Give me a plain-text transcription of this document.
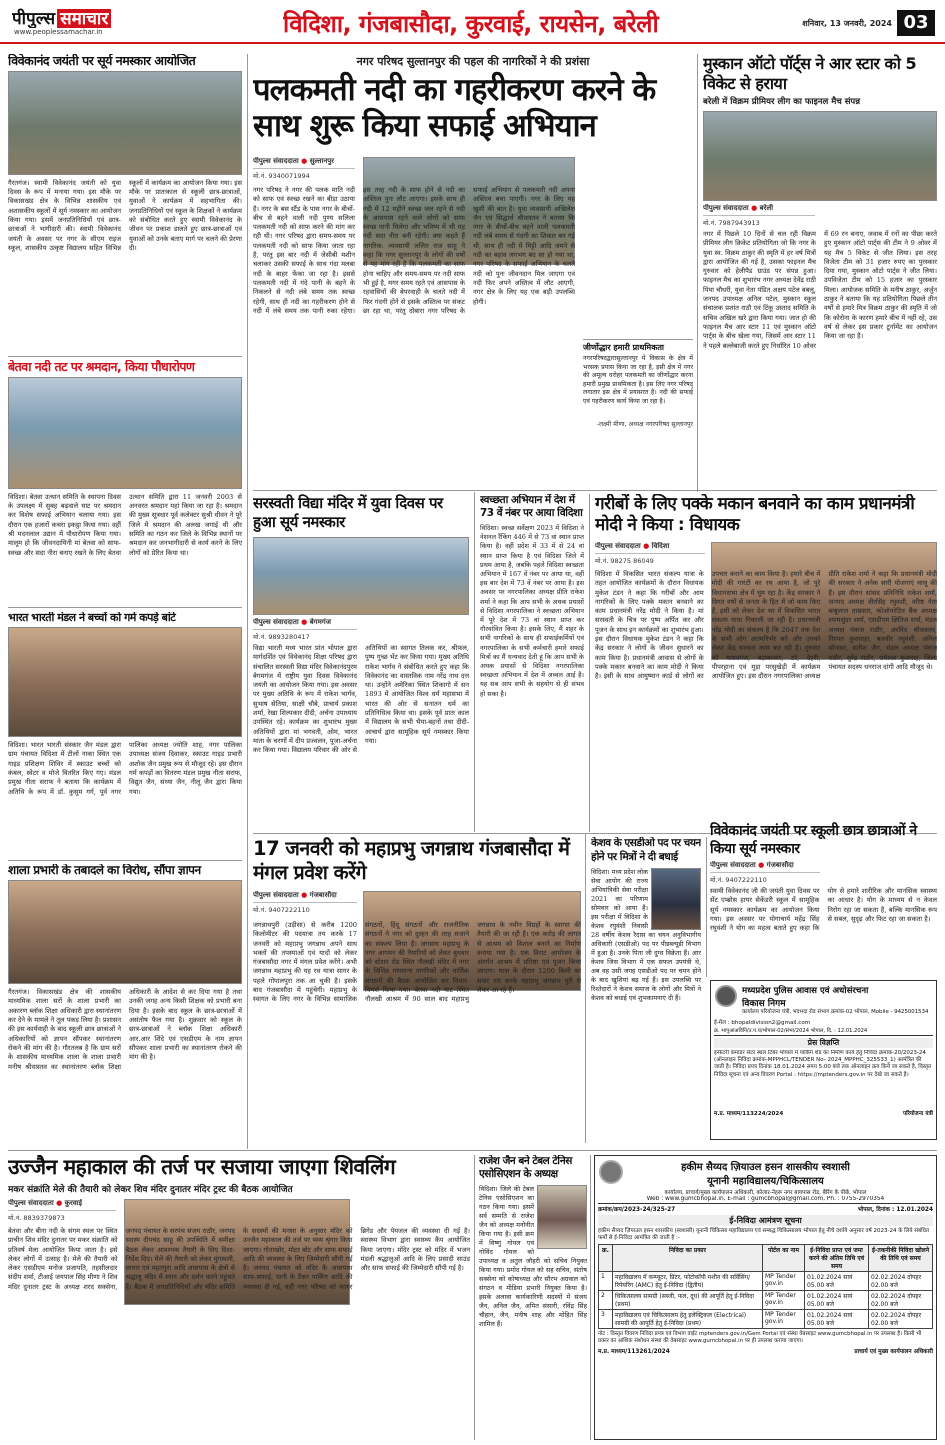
पीपुल्स समाचार
www.peoplessamachar.in	विदिशा, गंजबासौदा, कुरवाई, रायसेन, बरेली	शनिवार, 13 जनवरी, 2024 03
विवेकानंद जयंती पर सूर्य नमस्कार आयोजित
गैरतगंज। स्वामी विवेकानंद जयंती को युवा दिवस के रूप में मनाया गया। इस मौके पर विकासखंड क्षेत्र के विभिन्न शासकीय एवं अशासकीय स्कूलों में सूर्य नमस्कार का आयोजन किया गया। इसमें जनप्रतिनिधियों एवं छात्र-छात्राओं ने भागीदारी की। स्वामी विवेकानंद जयंती के अवसर पर नगर के सीएम राइज स्कूल, शासकीय उत्कृष्ट विद्यालय सहित विभिन्न स्कूलों में कार्यक्रम का आयोजन किया गया। इस मौके पर प्रातःकाल से स्कूली छात्र-छात्राओं, युवाओं ने कार्यक्रम में सहभागिता की। जनप्रतिनिधियों एवं स्कूल के शिक्षकों ने कार्यक्रम को संबोधित करते हुए स्वामी विवेकानंद के जीवन पर प्रकाश डालते हुए छात्र-छात्राओं एवं युवाओं को उनके बताए मार्ग पर चलने की प्रेरणा दी।
बेतवा नदी तट पर श्रमदान, किया पौधारोपण
विदिशा। बेतवा उत्थान समिति के स्थापना दिवस के उपलक्ष्य में सुबह बढ़वाले घाट पर श्रमदान कर विशेष सफाई अभियान चलाया गया। इस दौरान एक हजारों कचरा इकट्ठा किया गया। वहीं श्री मदनलाल उद्यान में पौधारोपण किया गया। मालूम हो कि जीवनदायिनी मां बेतवा को साफ-स्वच्छ और सदा नीरा बनाए रखने के लिए बेतवा उत्थान समिति द्वारा 11 जनवरी 2003 से अनवरत श्रमदान यहां किया जा रहा है। श्रमदान की मुख्य सूत्रधार पूर्व कलेक्टर सुश्री धीवन ने पूरे जिले में श्रमदान की अलख जगाई थी और समिति का गठन कर जिले के विभिन्न स्थानों पर श्रमदान कर जनभागीदारी से कार्य करने के लिए लोगों को प्रेरित किया था।
भारत भारती मंडल ने बच्चों को गर्म कपड़े बांटे
विदिशा। भारत भारती संस्कार जैन मंडल द्वारा ग्राम पंचायत विदिशा में टीलों नाका स्थित एक गाइड प्रशिक्षण शिविर में स्काउट बच्चों को कंबल, स्वेटर व मोजे वितरित किए गए। मंडल प्रमुख नीता सराफ ने बताया कि कार्यक्रम में अतिथि के रूप में डॉ. कुसुम गर्ग, पूर्व नगर पालिका अध्यक्ष ज्योति शाह, नगर पालिका उपाध्यक्ष संजय दिवाकर, स्काउट गाइड प्रभारी अशोक जैन प्रमुख रूप से मौजूद रहे। इस दौरान गर्म कपड़ों का वितरण मंडल प्रमुख नीता सराफ, विद्युत जैन, संध्या जैन, नीलू जैन द्वारा किया गया।
शाला प्रभारी के तबादले का विरोध, सौंपा ज्ञापन
गैरतगंज। विकासखंड क्षेत्र की शासकीय माध्यमिक शाला सरों के शाला प्रभारी का अकारण ब्लॉक शिक्षा अधिकारी द्वारा स्थानांतरण कर देने के मामले ने तूल पकड़ लिया है। प्रशासन की इस कार्यवाही के बाद स्कूली छात्र छात्राओं ने अधिकारियों को ज्ञापन सौंपकर स्थानांतरण रोकने की मांग की है। गौरतलब है कि ग्राम सरों के शासकीय माध्यमिक शाला के शाला प्रभारी मनीष श्रीवास्तव का स्थानांतरण ब्लॉक शिक्षा अधिकारी के आदेश से कर दिया गया है तथा उनकी जगह अन्य किसी शिक्षक को प्रभारी बना दिया है। इसके बाद स्कूल के छात्र-छात्राओं में असंतोष फैल गया है। शुक्रवार को स्कूल के छात्र-छात्राओं ने ब्लॉक शिक्षा अधिकारी आर.आर शिंदे एवं एसडीएम के नाम ज्ञापन सौंपकर शाला प्रभारी का स्थानांतरण रोकने की मांग की है।
नगर परिषद सुल्तानपुर की पहल की नागरिकों ने की प्रशंसा
पलकमती नदी का गहरीकरण करने के साथ शुरू किया सफाई अभियान
पीपुल्स संवाददाता ● सुल्तानपुर
मो.नं. 9340071994
नगर परिषद ने नगर की पलक माति नदी को साफ एवं स्वच्छ रखने का बीड़ा उठाया है। नगर के बस स्टैंड के पास नगर के बीचों-बीच से बहने वाली नदी पुण्य सलिला पलकमती नदी को साफ करने की मांग कर रही थी। नगर परिषद द्वारा समय-समय पर पलकमती नदी को साफ किया जाता रहा है, परंतु इस बार नदी में जेसीबी मशीन चलाकर उसकी सफाई के साथ गंदा मलबा नदी के बाहर फेंका जा रहा है। इससे पलकमती नदी में गंदे पानी के बहने के निकलने से नदी लंबे समय तक स्वच्छ रहेगी, साथ ही नदी का गहरीकरण होने से नदी में लंबे समय तक पानी रुका रहेगा। इस तरह नदी के साफ होने से नदी का अस्तित्व पुनः लौट आएगा। इसके साथ ही नदी में 12 महीने स्वच्छ जल रहने से नदी के आसपास रहने वाले लोगों को साफ स्वच्छ पानी मिलेगा और भविष्य में भी यह नदी सदा नीरा बनी रहेगी। क्या कहते हैं नागरिक: व्यवसायी ललित राज साहू ने कहा कि नगर सुल्तानपुर के लोगों की वर्षों से यह मांग रही है कि पलकमती का साफ होना चाहिए और समय-समय पर नदी साफ भी हुई है, मगर समय रहते एवं आसपास के रहवासियों की बेपरवाही के चलते नदी में फिर गंदगी होने से इसके अस्तित्व पर संकट छा रहा था, परंतु दोबारा नगर परिषद के सफाई अभियान से पलकमती नदी अपना अस्तित्व बचा पाएगी। नगर के लिए यह खुशी की बात है। युवा व्यवसायी अखिलेश जैन एवं सिद्धार्थ श्रीवास्तव ने बताया कि नगर के बीचों-बीच बहने वाली पलकमती नदी लंबे समय से गंदगी का शिकार बन गई थी, साथ ही नदी में मिट्टी आदि जमने से नदी का बहाव लगभग बंद सा हो गया था, नगर परिषद के सफाई अभियान के चलते नदी को पुनः जीवनदान मिल जाएगा एवं नदी फिर अपने अस्तित्व में लौट आएगी, नगर क्षेत्र के लिए यह एक बड़ी उपलब्धि होगी।
जीर्णोद्धार हमारी प्राथमिकता
नगरपरिषदद्वारासुल्तानपुर में विकास के क्षेत्र में भरसक प्रयास किया जा रहा है, इसी क्षेत्र में नगर की अमूल्य धरोहर पलकमती का जीर्णोद्धार करना हमारी प्रमुख प्राथमिकता है। इस लिए नगर परिषद् लगातार इस क्षेत्र में प्रयासरत है। नदी की सफाई एवं गहरीकरण कार्य किया जा रहा है।
-लक्ष्मी मीणा, अध्यक्ष नगरपरिषद सुल्तानपुर
मुस्कान ऑटो पॉर्ट्स ने आर स्टार को 5 विकेट से हराया
बरेली में विक्रम प्रीमियर लीग का फाइनल मैच संपन्न
पीपुल्स संवाददाता ● बरेली
मो.नं. 7987943913
नगर में पिछले 10 दिनों से चल रही विक्रम प्रीमियर लीग क्रिकेट प्रतियोगिता जो कि नगर के युवा स्व. विक्रम ठाकुर की स्मृति में हर वर्ष मित्रों द्वारा आयोजित की गई है, उसका फाइनल मैच गुरुवार को हेलीपैड ग्राउंड पर संपन्न हुआ। फाइनल मैच का शुभारंभ नगर अध्यक्ष देवेंद्र राठी पिया चौधरी, युवा नेता पंडित अक्षय पटेल बबलू, जनपद उपाध्यक्ष अनिल पटेल, मुस्कान स्कूल संचालक प्रशांत राठौ एवं टिंकू उस्ताद समिति के सचिव अखिल खरे द्वारा किया गया। जात हो की फाइनल मैच आर स्टार 11 एवं मुस्कान ऑटो पार्ट्स के बीच खेला गया, जिसमें आर स्टार 11 ने पहले बल्लेबाजी करते हुए निर्धारित 10 ओवर में 69 रन बनाए, जवाब में रनों का पीछा करते हुए मुस्कान ऑटो पार्ट्स की टीम ने 9 ओवर में यह मैच 5 विकेट से जीत लिया। इस तरह विजेता टीम को 31 हजार रुपए का पुरस्कार दिया गया, मुस्कान ऑटो पार्ट्स ने जीत लिया। उपविजेता टीम को 15 हजार का पुरस्कार मिला। आयोजक समिति के मनीष ठाकुर, अर्जुन ठाकुर ने बताया कि यह प्रतियोगिता पिछले तीन वर्षों से हमारे मित्र विक्रम ठाकुर की स्मृति में जो कि कोरोना के कारण हमारे बीच में नहीं रहे, उस वर्ष से लेकर इस प्रकार टूर्नामेंट का आयोजन किया जा रहा है।
सरस्वती विद्या मंदिर में युवा दिवस पर हुआ सूर्य नमस्कार
पीपुल्स संवाददाता ● बेगमगंज
मो.नं. 9893280417
विद्या भारती मध्य भारत प्रांत भोपाल द्वारा मार्गदर्शित एवं विवेकानंद शिक्षा परिषद द्वारा संचालित सरस्वती विद्या मंदिर विवेकानंदपुरम बेगमगंज में राष्ट्रीय युवा दिवस विवेकानंद जयंती का आयोजन किया गया। इस अवसर पर मुख्य अतिथि के रूप में राकेश भार्गव, सुभाष सेतिया, साक्षी चौबे, प्राचार्य प्रकाश शर्मा, रेखा शिल्पकार दीदी, अर्चना उपाध्याय उपस्थित रहे। कार्यक्रम का शुभारंभ मुख्य अतिथियों द्वारा मां भगवती, ओम, भारत माता के चरणों में दीप प्रज्वलन, पूजा-अर्चना कर किया गया। विद्यालय परिवार की ओर से अतिथियों का स्वागत तिलक कर, श्रीफल, पुष्प गुच्छ भेंट कर किया गया। मुख्य अतिथि राकेश भार्गव ने संबोधित करते हुए कहा कि विवेकानंद का वास्तविक नाम नरेंद्र नाथ दत्त था। उन्होंने अमेरिका स्थित शिकागो में सन 1893 में आयोजित विश्व धर्म महासभा में भारत की ओर से सनातन धर्म का प्रतिनिधित्व किया था। इसके पूर्व प्रातः काल में विद्यालय के सभी भैया-बहनों तथा दीदी-आचार्य द्वारा सामूहिक सूर्य नमस्कार किया गया।
स्वच्छता अभियान में देश में 73 वें नंबर पर आया विदिशा
विदिशा। स्वच्छ सर्वेक्षण 2023 में विदिशा ने नेशनल रैंकिंग 446 में से 73 वां स्थान प्राप्त किया है। वहीं प्रदेश में 33 में से 24 वां स्थान प्राप्त किया है एवं विदिशा जिले में प्रथम आया है, जबकि पहले विदिशा स्वच्छता अभियान में 167 वें नंबर पर आया था, वहीं इस बार देश में 73 वें नंबर पर आया है। इस अवसर पर नगरपालिका अध्यक्ष प्रीति राकेश शर्मा ने कहा कि आप सभी के अथक प्रयासों से विदिशा नगरपालिका ने स्वच्छता अभियान में पूरे देश में 73 वां स्थान प्राप्त कर गौरवांवित किया है। इसके लिए, मैं शहर के सभी नागरिकों के साथ ही सफाईकर्मियों एवं नगरपालिका के सभी कर्मचारी हमारे सफाई मित्रों का मैं धन्यवाद देती हूं कि आप सभी के अथक प्रयासों से विदिशा नगरपालिका स्वच्छता अभियान में देश में अव्वल आई है। यह सब आप सभी के सहयोग से ही संभव हो सका है।
गरीबों के लिए पक्के मकान बनवाने का काम प्रधानमंत्री मोदी ने किया : विधायक
पीपुल्स संवाददाता ● विदिशा
मो.नं. 98275 86049
विदिशा में विकसित भारत संकल्प यात्रा के तहत आयोजित कार्यक्रमों के दौरान विधायक मुकेश टंडन ने कहा कि गरीबों और आम नागरिकों के लिए पक्के मकान बनवाने का काम प्रधानमंत्री नरेंद्र मोदी ने किया है। मां सरस्वती के चित्र पर पुष्प अर्पित कर और पूजन के साथ इन कार्यक्रमों का शुभारंभ हुआ। इस दौरान विधायक मुकेश टंडन ने कहा कि केंद्र सरकार ने लोगों के जीवन सुधारने का काम किया है। प्रधानमंत्री आवास से लोगों के पक्के मकान बनवाने का काम मोदी ने किया है। इसी के साथ आयुष्मान कार्ड से लोगों का उपचार कराने का काम किया है। हमारे बीच में मोदी की गारंटी का रथ आया है, जो पूरे विधानसभा क्षेत्र में घूम रहा है। केंद्र सरकार ने विगत वर्षों से जनता के हित में जो काम किए हैं, इसी को लेकर देश भर में विकसित भारत संकल्प यात्रा निकाली जा रही है। प्रधानमंत्री नरेंद्र मोदी का संकल्प है कि 2047 तक देश के सभी लोग आत्मनिर्भर बने और उनको लेकर केंद्र सरकार काम कर रही है। गुरुवार को माधवगंज, बड़ाबाजार, टर्र, देहरी, पीपरहाना एवं मुड़ा परसुखेड़ी में कार्यक्रम आयोजित हुए। इस दौरान नगरपालिका अध्यक्ष प्रीति राकेश शर्मा ने कहा कि प्रधानमंत्री मोदी की सरकार ने अनेक सारी योजनाएं चालू की हैं। इस दौरान सांसद प्रतिनिधि राकेश शर्मा, जनपद अध्यक्ष वीरसिंह रघुवंशी, वरिष्ठ नेता बाबूलाल ताम्रकार, कोऑपरेटिव बैंक अध्यक्ष श्यामसुंदर शर्मा, एसडीएम क्षितिज शर्मा, मंडल अध्यक्ष पंकज राठौर, अरविंद श्रीवास्तव, निरपत कुशवाहा, बलवीर रघुवंशी, अनिल सोनकर, सतीश जैन, मंडल अध्यक्ष पंकज राठौर, सुरेंद्र राठौर, रामेश्वर कुशवाह, जिला पंचायत सदस्य धनराज दांगी आदि मौजूद थे।
17 जनवरी को महाप्रभु जगन्नाथ गंजबासौदा में मंगल प्रवेश करेंगे
पीपुल्स संवाददाता ● गंजबासौदा
मो.नं. 9407222110
जगन्नाथपुरी (उड़ीसा) से करीब 1200 किलोमीटर की पदयात्रा तय करके 17 जनवरी को महाप्रभु जगन्नाथ अपने साथ भक्तों की तपस्याओं एवं यादों को लेकर गंजबासौदा नगर में मंगल प्रवेश करेंगे। अभी जगन्नाथ महाप्रभु की यह रथ यात्रा सागर के पहले गोपालपुरा तक आ चुकी है। इसके बाद गंजबासौदा में पहुंचेगी। महाप्रभु के स्वागत के लिए नगर के विभिन्न सामाजिक संगठनों, हिंदू संगठनों और राजनीतिक संगठनों ने नगर को दुल्हन की तरह सजाने का संकल्प लिया है। जगन्नाथ महाप्रभु के नगर आगमन की तैयारियों को लेकर बुधवार को स्टेशन रोड स्थित नौलखी मंदिर में नगर के विभिन्न गणमान्य नागरिकों और धार्मिक संगठनों की बैठक आयोजित कर विचार-विमर्श किया गया। बेतवा नदी घाट स्थित नौलखी आश्रम में 90 साल बाद महाप्रभु जगन्नाथ के नवीन विग्रहों के स्वागत की तैयारी की जा रही है। एक करोड़ की लागत से आश्रम को विशाल बनाने का निर्माण कराया गया है। एक विराट आयोजन के अंतर्गत आश्रम में प्रतिष्ठा एवं पूजन किया जाएगा। यात्रा के दौरान 1200 किमी का सफर तय करके महाप्रभु जगन्नाथ पुरी से लेकर आ रहे हैं।
केशव के एसडीओ पद पर चयन होने पर मित्रों ने दी बधाई
विदिशा। मध्य प्रदेश लोक सेवा आयोग की राज्य अभियांत्रिकी सेवा परीक्षा 2021 का परिणाम सोमवार को आया है। इस परीक्षा में विदिशा के केशव रघुवंशी निवासी 28 वर्षीय केशव रैदास का चयन अनुविभागीय अधिकारी (एसडीओ) पद पर पीडब्ल्यूडी विभाग में हुआ है। उनके पिता जी दुग्ध विक्रेता हैं। आर केशव जिस विभाग में एक सफल उपयंत्री थे, अब वह उसी जगह एसडीओ पद पर चयन होने के बाद खुशियां बढ़ गई हैं। इस उपलब्धि पर रिश्तेदारों ने केशव समाज के लोगों और मित्रों ने केशव को बधाई एवं शुभकामनाएं दी हैं।
विवेकानंद जयंती पर स्कूली छात्र छात्राओं ने किया सूर्य नमस्कार
पीपुल्स संवाददाता ● गंजबासौदा
मो.नं. 9407222110
स्वामी विवेकानंद जी की जयंती युवा दिवस पर सेंट एम्ब्रोस हायर सेकेंडरी स्कूल में सामूहिक सूर्य नमस्कार कार्यक्रम का आयोजन किया गया। इस अवसर पर योगाचार्य महेंद्र सिंह रघुवंशी ने योग का महत्व बताते हुए कहा कि योग से हमारे शारीरिक और मानसिक स्वास्थ्य का आधार है। योग के माध्यम से न केवल निरोग रहा जा सकता है, बल्कि मानसिक रूप से सबल, सुदृढ़ और फिट रहा जा सकता है।
मध्यप्रदेश पुलिस आवास एवं अधोसंरचना
विकास निगम
कार्यालय परियोजना यंत्री, भदभदा रोड संभाग क्रमांक-02 भोपाल, Mobile - 9425001534
ई-मेल : bhopaldivision2@gmail.com
क्र. भापुआअविनि/उ.प.यं/भोपाल-02/संभा/2024 भोपाल, दि. : 12.01.2024
प्रेस विज्ञप्ति
इन्फैंटरी कमांडर सेंटर स्थल टिंबर भोपाल में पार्किंग शेड का निर्माण कार्य हेतु निविदा क्रमांक-20/2023-24 (ऑनलाइन निविदा क्रमांक-MPPHCL/TENDER No- 2024_MPPHC_325533_1) आमंत्रित की जाती है। निविदा प्रपत्र दिनांक 18.01.2024 समय 5.00 बजे तक ऑनलाइन क्रय किये जा सकते है, विस्तृत निविदा सूचना एवं अन्य विवरण Portal : https://mptenders.gov.in पर देखे जा सकते है।
म.प्र. माध्यम/113224/2024	परियोजना यंत्री
उज्जैन महाकाल की तर्ज पर सजाया जाएगा शिवलिंग
मकर संक्रांति मेले की तैयारी को लेकर शिव मंदिर दुनातर मंदिर ट्रस्ट की बैठक आयोजित
पीपुल्स संवाददाता ● कुरवाई
मो.नं. 8839379873
बेतवा और बीना नदी के संगम स्थल पर स्थित प्राचीन शिव मंदिर दुनातर पर मकर संक्रांति को प्रतिवर्ष मेला आयोजित किया जाता है। इसे लेकर लोगों में उत्साह है। मेले की तैयारी को लेकर एसडीएम मनोज प्रजापति, तहसीलदार संदीप शर्मा, टीआई जयपाल सिंह मीणा ने शिव मंदिर दुनातर ट्रस्ट के अध्यक्ष शरद सक्सेना, जनपद पंचायत के सरपंच संजय राठौर, जनपद सदस्य दीपचंद साहू की उपस्थिति में समीक्षा बैठक लेकर आवश्यक तैयारी के लिए दिशा-निर्देश दिए। मेले की तैयारी को लेकर मुंगावली, लायरा एवं महतपुरा आदि आसपास के क्षेत्रों से श्रद्धालु मंदिर में स्नान और दर्शन करने पहुंचते हैं। बैठक में जनप्रतिनिधियों और मंदिर समिति के सदस्यों की मनसा के अनुसार मंदिर को उज्जैन महाकाल की तर्ज पर भव्य श्रृंगार किया जाएगा। गोताखोर, मोटर बोट और साफ सफाई आदि की व्यवस्था के लिए जिम्मेदारी सौंपी गई है। जनपद पंचायत को मंदिर के आसपास साफ-सफाई, पानी के टैंकर पार्किंग आदि की व्यवस्था दी गई, वहीं नगर परिषद को फायर ब्रिगेड और पेयजल की व्यवस्था दी गई है। स्वास्थ्य विभाग द्वारा स्वास्थ्य कैंप आयोजित किया जाएगा। मंदिर ट्रस्ट को मंदिर में भजन मंडली श्रद्धालुओं आदि के लिए प्रसादी साउंड और साफ सफाई की जिम्मेदारी सौंपी गई है।
राजेश जैन बने टेबल टेनिस एसोसिएशन के अध्यक्ष
विदिशा। जिले की टेबल टेनिस एसोसिएशन का गठन किया गया। इसमें सर्व सम्मति से राजेश जैन को अध्यक्ष मनोनीत किया गया है। इसी क्रम में विष्णु गोयल एवं गोविंद गोयल को उपाध्यक्ष व अतुल जौहरी को सचिव नियुक्त किया गया। प्रमोद गोयल को सह सचिव, संतोष सक्सेना को कोषाध्यक्ष और सौरभ अग्रवाल को संगठन व मीडिया प्रभारी नियुक्त किया है। इसके अलावा कार्यकारिणी सदस्यों में संजय जैन, अनिल जैन, अमित संसारी, रविंद्र सिंह चौहान, जैन, मनीष शाह और मोहित सिंह शामिल हैं।
हकीम सैय्यद ज़ियाउल हसन शासकीय स्वशासी
यूनानी महाविद्यालय/चिकित्सालय
कार्यालय, प्राचार्य/मुख्य कार्यपालन अधिकारी, कोलार-नेहरू नगर बायपास रोड, बैरिंग के पीछे, भोपाल
Web : www.gumcbhopal.in, E-mail : gumcbhopal@gmail.com, Ph. : 0755-2970354
क्रमांक/क्रय/2023-24/325-27	भोपाल, दिनांक : 12.01.2024
ई-निविदा आमंत्रण सूचना
हकीम सैय्यद ज़ियाउल हसन शासकीय (स्वशासी) यूनानी चिकित्सा महाविद्यालय एवं सम्बद्ध चिकित्सालय भोपाल हेतु नीचे दर्शाये अनुसार वर्ष 2023-24 के लिये संबंधित फर्मों से ई-निविदा आमंत्रित की जाती है :-
क्र.	निविदा का प्रकार	पोर्टल का नाम	ई-निविदा प्राप्त एवं जमा करने की अंतिम तिथि एवं समय	ई-तकनीकी निविदा खोलने की तिथि एवं समय
1	महाविद्यालय में कम्प्यूटर, प्रिंटर, फोटोकॉपी मशीन की सर्विसिंग/रिपेयरिंग (AMC) हेतु ई-निविदा (द्वितीय)	MP Tender gov.in	01.02.2024 सायं 05.00 बजे	02.02.2024 दोपहर 02.00 बजे
2	चिकित्सालय सामग्री (सब्जी, फल, दूध) की आपूर्ति हेतु ई-निविदा (प्रथम)	MP Tender gov.in	01.02.2024 सायं 05.00 बजे	02.02.2024 दोपहर 02.00 बजे
3	महाविद्यालय एवं चिकित्सालय हेतु इलेक्ट्रिकल (Electrical) सामग्री की आपूर्ति हेतु ई-निविदा (प्रथम)	MP Tender gov.in	01.02.2024 सायं 05.00 बजे	02.02.2024 दोपहर 02.00 बजे
नोट : विस्तृत विवरण निविदा प्रपत्र एवं विभाग वाईट mptenders.gov.in/Gem Portal एवं संस्था वेबसाइट www.gumcbhopal.in पर उपलब्ध है। किसी भी प्रकार का आंशिक संशोधन संस्था की वेबसाइट www.gumcbhopal.in पर ही उपलब्ध कराया जाएगा।
म.प्र. माध्यम/113261/2024	प्राचार्य एवं मुख्य कार्यपालन अधिकारी
